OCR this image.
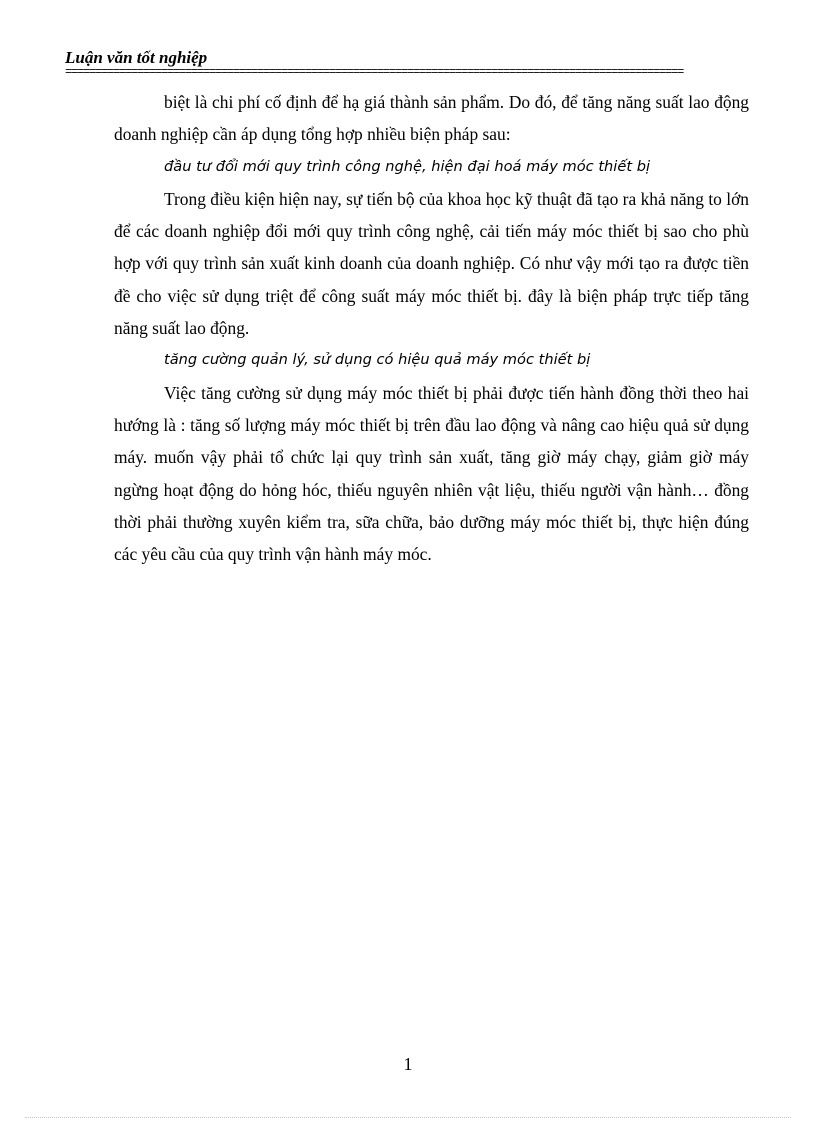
Luận văn tốt nghiệp
=======================================================================================================

biệt là chi phí cố định để hạ giá thành sản phẩm. Do đó, để tăng năng suất lao động doanh nghiệp cần áp dụng tổng hợp nhiều biện pháp sau:

đầu tư đổi mới quy trình công nghệ, hiện đại hoá máy móc thiết bị

Trong điều kiện hiện nay, sự tiến bộ của khoa học kỹ thuật đã tạo ra khả năng to lớn để các doanh nghiệp đổi mới quy trình công nghệ, cải tiến máy móc thiết bị sao cho phù hợp với quy trình sản xuất kinh doanh của doanh nghiệp. Có như vậy mới tạo ra được tiền đề cho việc sử dụng triệt để công suất máy móc thiết bị. đây là biện pháp trực tiếp tăng năng suất lao động.

tăng cường quản lý, sử dụng có hiệu quả máy móc thiết bị

Việc tăng cường sử dụng máy móc thiết bị phải được tiến hành đồng thời theo hai hướng là : tăng số lượng máy móc thiết bị trên đầu lao động và nâng cao hiệu quả sử dụng máy. muốn vậy phải tổ chức lại quy trình sản xuất, tăng giờ máy chạy, giảm giờ máy ngừng hoạt động do hỏng hóc, thiếu nguyên nhiên vật liệu, thiếu người vận hành… đồng thời phải thường xuyên kiểm tra, sữa chữa, bảo dưỡng máy móc thiết bị, thực hiện đúng các yêu cầu của quy trình vận hành máy móc.

1
